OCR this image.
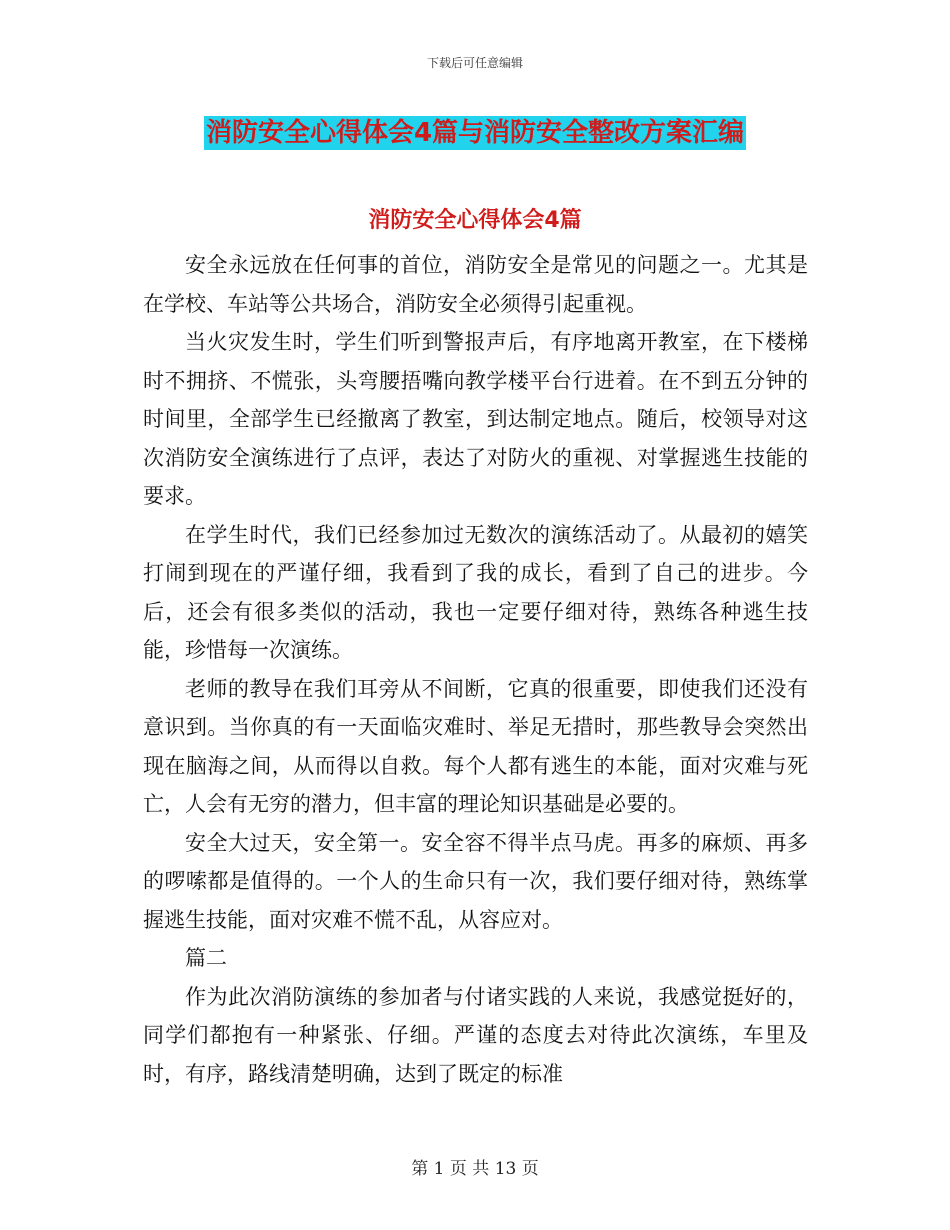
下载后可任意编辑
消防安全心得体会4篇与消防安全整改方案汇编
消防安全心得体会4篇

安全永远放在任何事的首位，消防安全是常见的问题之一。尤其是在学校、车站等公共场合，消防安全必须得引起重视。

当火灾发生时，学生们听到警报声后，有序地离开教室，在下楼梯时不拥挤、不慌张，头弯腰捂嘴向教学楼平台行进着。在不到五分钟的时间里，全部学生已经撤离了教室，到达制定地点。随后，校领导对这次消防安全演练进行了点评，表达了对防火的重视、对掌握逃生技能的要求。

在学生时代，我们已经参加过无数次的演练活动了。从最初的嬉笑打闹到现在的严谨仔细，我看到了我的成长，看到了自己的进步。今后，还会有很多类似的活动，我也一定要仔细对待，熟练各种逃生技能，珍惜每一次演练。

老师的教导在我们耳旁从不间断，它真的很重要，即使我们还没有意识到。当你真的有一天面临灾难时、举足无措时，那些教导会突然出现在脑海之间，从而得以自救。每个人都有逃生的本能，面对灾难与死亡，人会有无穷的潜力，但丰富的理论知识基础是必要的。

安全大过天，安全第一。安全容不得半点马虎。再多的麻烦、再多的啰嗦都是值得的。一个人的生命只有一次，我们要仔细对待，熟练掌握逃生技能，面对灾难不慌不乱，从容应对。

篇二

作为此次消防演练的参加者与付诸实践的人来说，我感觉挺好的，同学们都抱有一种紧张、仔细。严谨的态度去对待此次演练，车里及时，有序，路线清楚明确，达到了既定的标准

第 1 页 共 13 页
